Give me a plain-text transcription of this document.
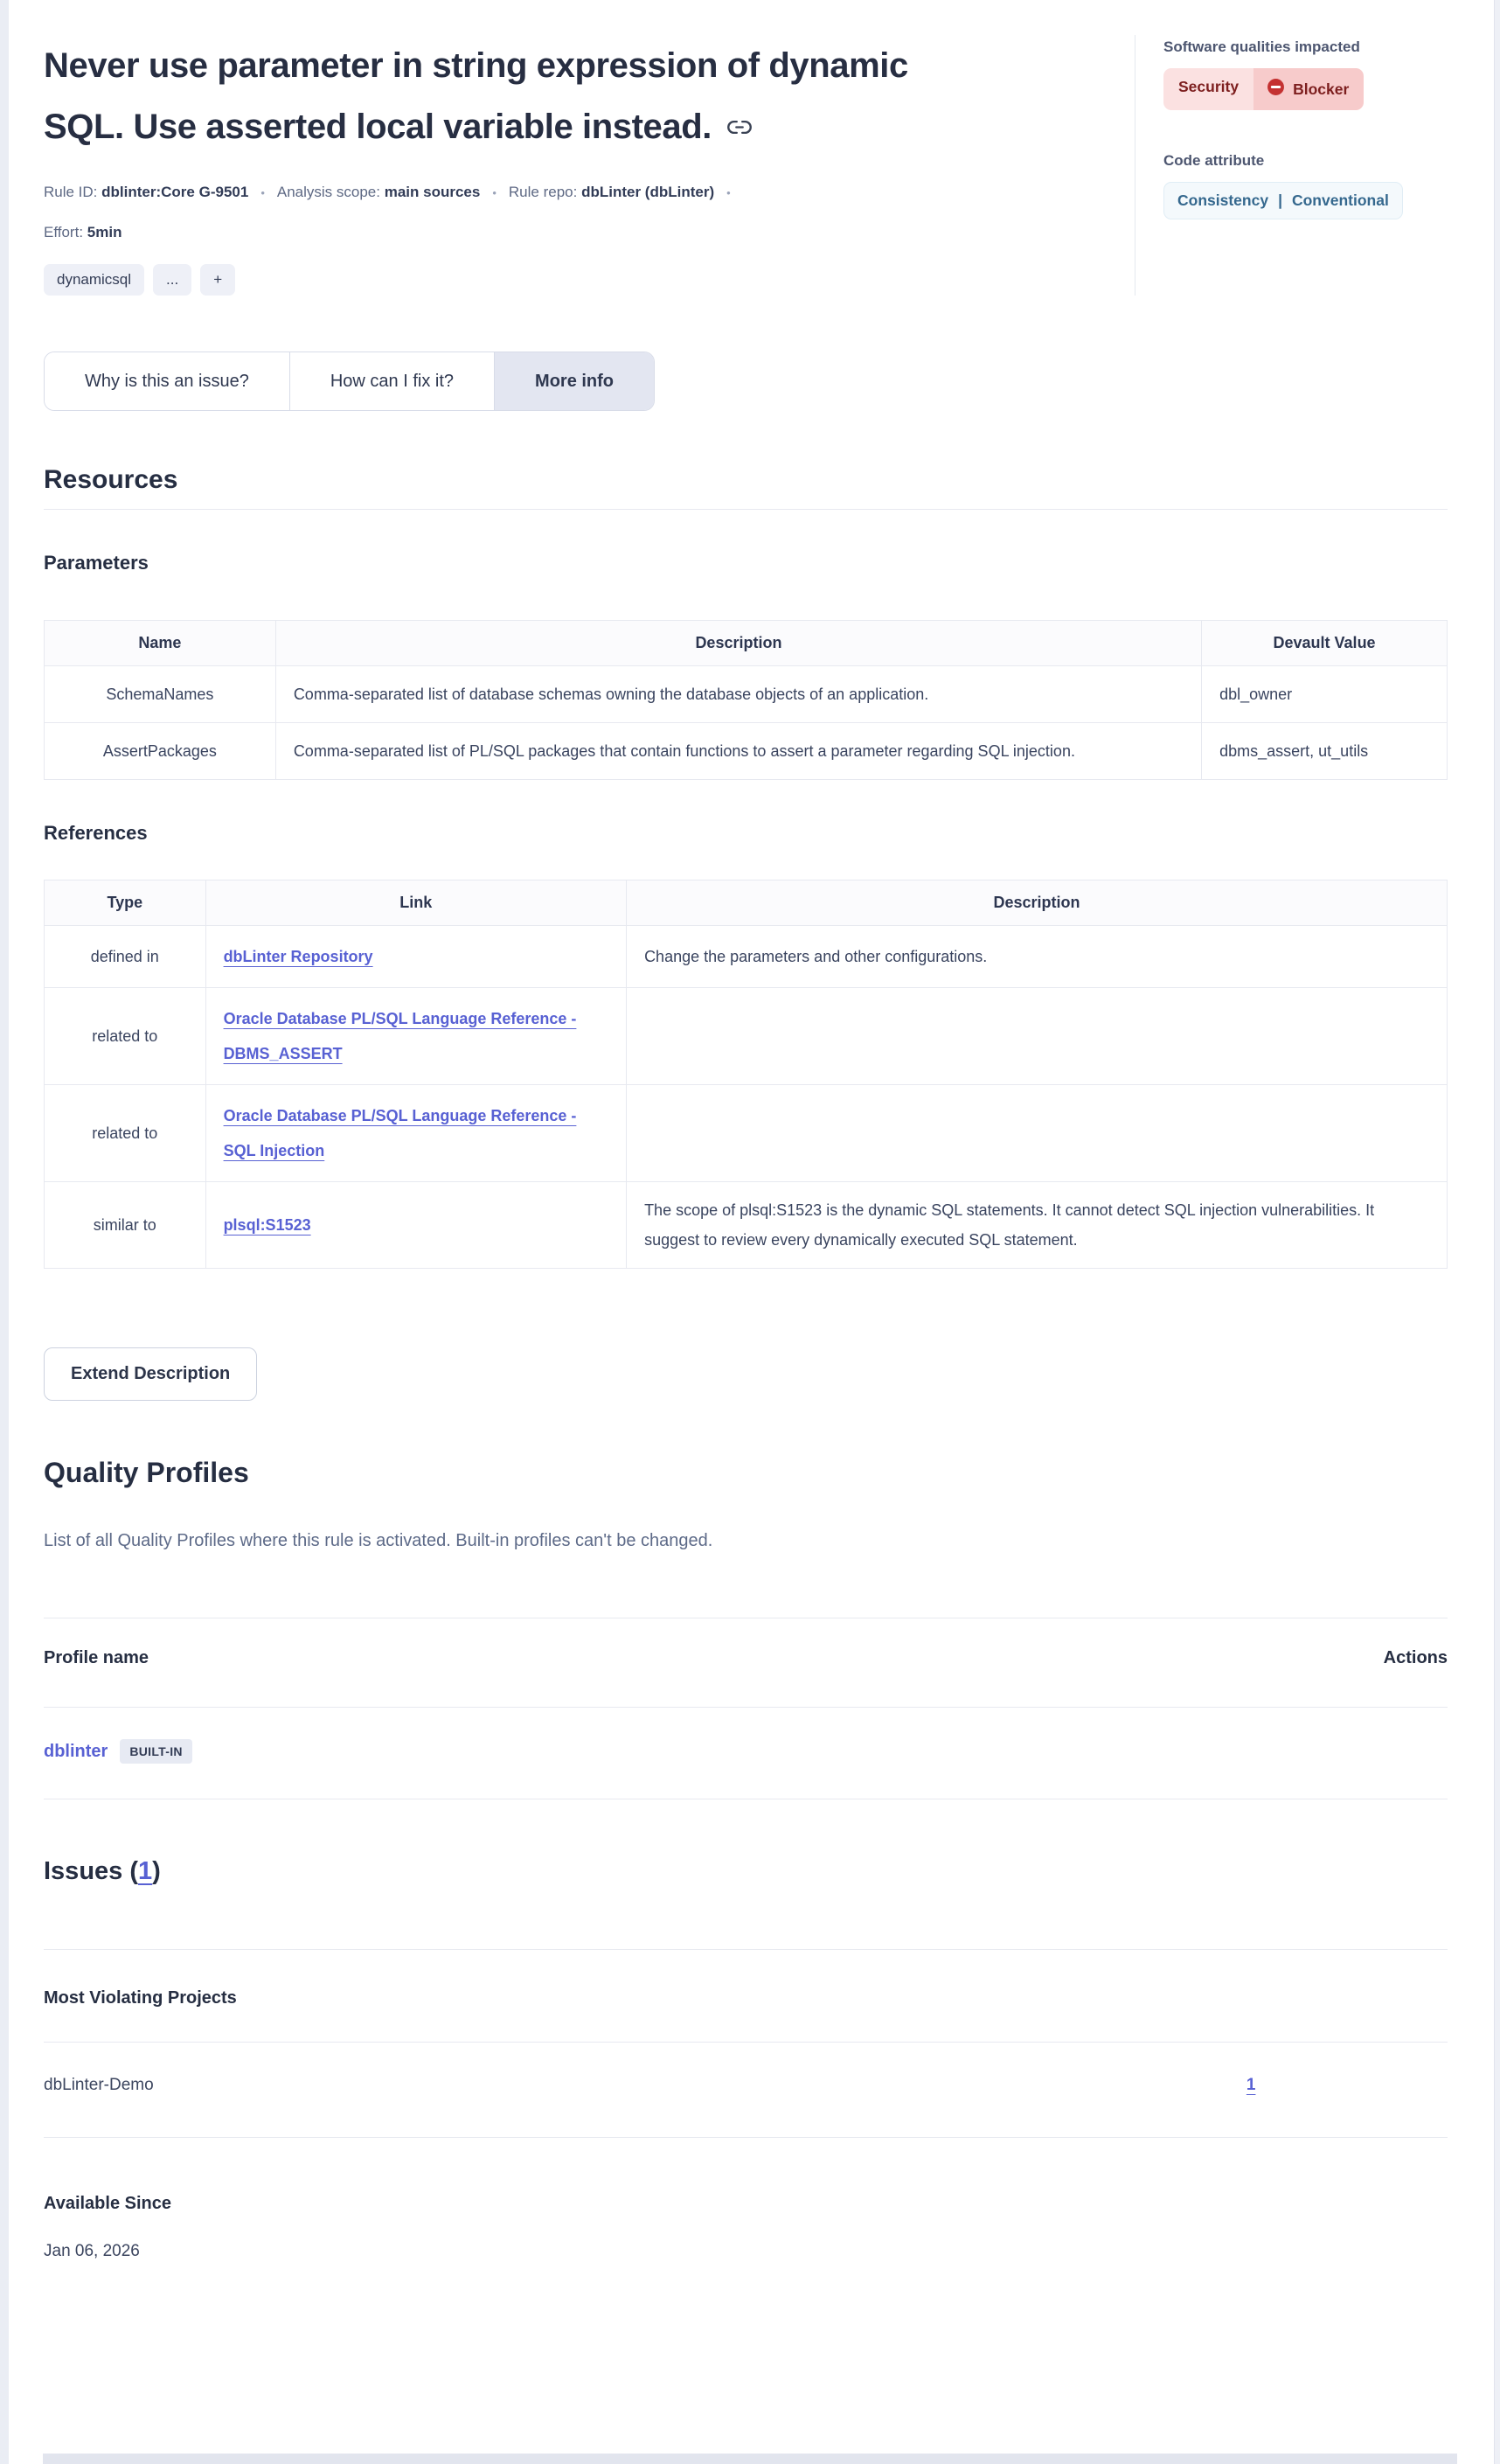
Never use parameter in string expression of dynamic
SQL. Use asserted local variable instead.
Rule ID: dblinter:Core G-9501 • Analysis scope: main sources • Rule repo: dbLinter (dbLinter) •
Effort: 5min
dynamicsql	...	+
Software qualities impacted
Security	Blocker
Code attribute
Consistency | Conventional
Why is this an issue?	How can I fix it?	More info
Resources
Parameters
Name	Description	Devault Value
SchemaNames	Comma-separated list of database schemas owning the database objects of an application.	dbl_owner
AssertPackages	Comma-separated list of PL/SQL packages that contain functions to assert a parameter regarding SQL injection.	dbms_assert, ut_utils
References
Type	Link	Description
defined in	dbLinter Repository	Change the parameters and other configurations.
related to	Oracle Database PL/SQL Language Reference - DBMS_ASSERT	
related to	Oracle Database PL/SQL Language Reference - SQL Injection	
similar to	plsql:S1523	The scope of plsql:S1523 is the dynamic SQL statements. It cannot detect SQL injection vulnerabilities. It suggest to review every dynamically executed SQL statement.
Extend Description
Quality Profiles
List of all Quality Profiles where this rule is activated. Built-in profiles can't be changed.
Profile name	Actions
dblinter	BUILT-IN
Issues (1)
Most Violating Projects
dbLinter-Demo	1
Available Since
Jan 06, 2026
